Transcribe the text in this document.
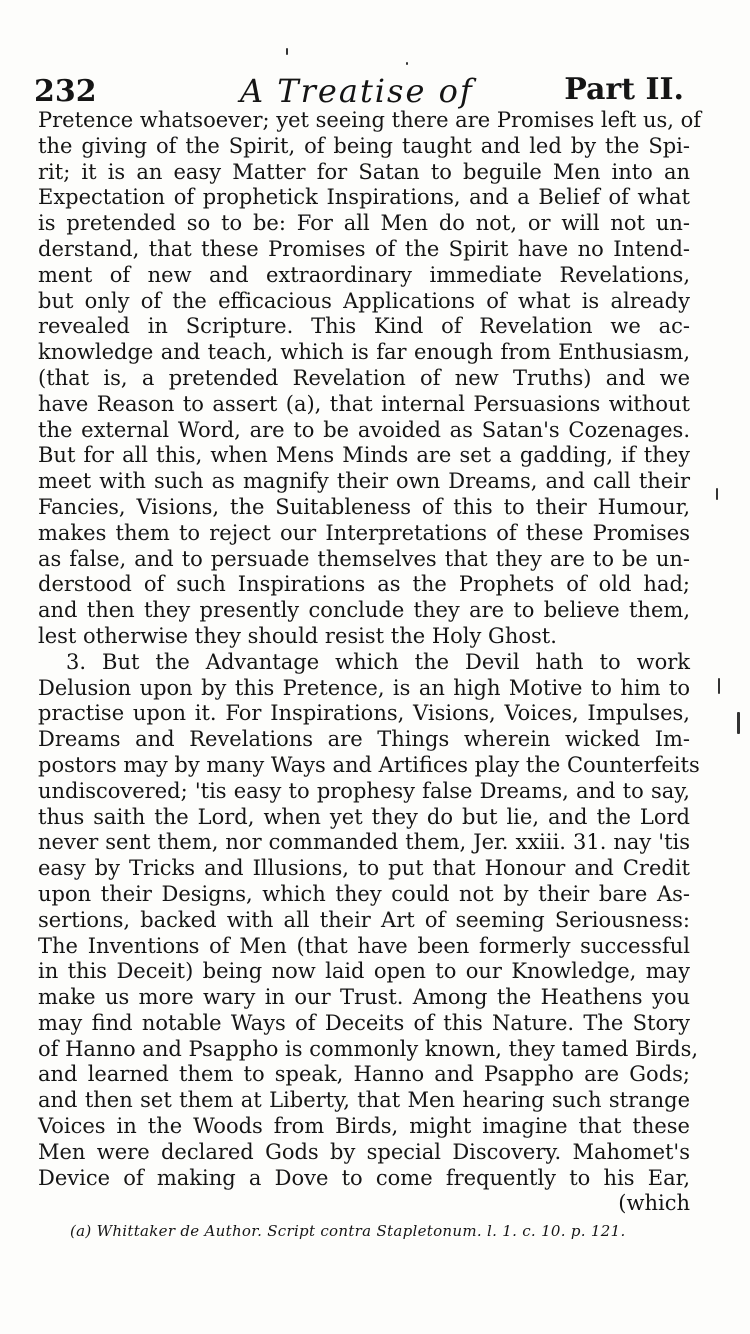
232	A Treatise of	Part II.
Pretence whatsoever; yet seeing there are Promises left us, of
the giving of the Spirit, of being taught and led by the Spi-
rit; it is an easy Matter for Satan to beguile Men into an
Expectation of prophetick Inspirations, and a Belief of what
is pretended so to be: For all Men do not, or will not un-
derstand, that these Promises of the Spirit have no Intend-
ment of new and extraordinary immediate Revelations,
but only of the efficacious Applications of what is already
revealed in Scripture. This Kind of Revelation we ac-
knowledge and teach, which is far enough from Enthusiasm,
(that is, a pretended Revelation of new Truths) and we
have Reason to assert (a), that internal Persuasions without
the external Word, are to be avoided as Satan's Cozenages.
But for all this, when Mens Minds are set a gadding, if they
meet with such as magnify their own Dreams, and call their
Fancies, Visions, the Suitableness of this to their Humour,
makes them to reject our Interpretations of these Promises
as false, and to persuade themselves that they are to be un-
derstood of such Inspirations as the Prophets of old had;
and then they presently conclude they are to believe them,
lest otherwise they should resist the Holy Ghost.
3. But the Advantage which the Devil hath to work
Delusion upon by this Pretence, is an high Motive to him to
practise upon it. For Inspirations, Visions, Voices, Impulses,
Dreams and Revelations are Things wherein wicked Im-
postors may by many Ways and Artifices play the Counterfeits
undiscovered; 'tis easy to prophesy false Dreams, and to say,
thus saith the Lord, when yet they do but lie, and the Lord
never sent them, nor commanded them, Jer. xxiii. 31. nay 'tis
easy by Tricks and Illusions, to put that Honour and Credit
upon their Designs, which they could not by their bare As-
sertions, backed with all their Art of seeming Seriousness:
The Inventions of Men (that have been formerly successful
in this Deceit) being now laid open to our Knowledge, may
make us more wary in our Trust. Among the Heathens you
may find notable Ways of Deceits of this Nature. The Story
of Hanno and Psappho is commonly known, they tamed Birds,
and learned them to speak, Hanno and Psappho are Gods;
and then set them at Liberty, that Men hearing such strange
Voices in the Woods from Birds, might imagine that these
Men were declared Gods by special Discovery. Mahomet's
Device of making a Dove to come frequently to his Ear,
(which
(a) Whittaker de Author. Script contra Stapletonum. l. 1. c. 10. p. 121.
